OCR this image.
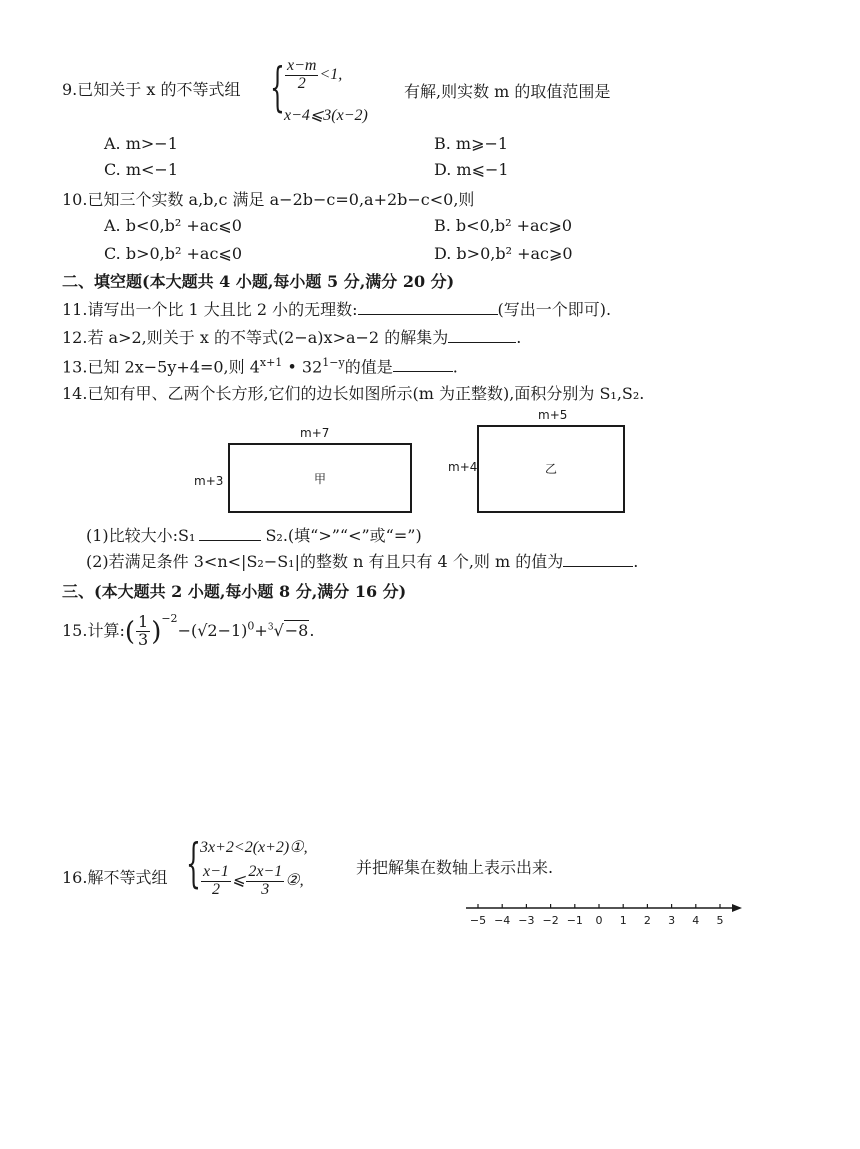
9.已知关于 x 的不等式组 { $\frac{x-m}{2} <1$,
x−4⩽3(x−2)
有解,则实数 m 的取值范围是
A. m>−1	B. m⩾−1
C. m<−1	D. m⩽−1
10.已知三个实数 a,b,c 满足 a−2b−c=0,a+2b−c<0,则
A. b<0,b² +ac⩽0	B. b<0,b² +ac⩾0
C. b>0,b² +ac⩽0	D. b>0,b² +ac⩾0
二、填空题(本大题共 4 小题,每小题 5 分,满分 20 分)
11.请写出一个比 1 大且比 2 小的无理数:	(写出一个即可).
12.若 a>2,则关于 x 的不等式(2−a)x>a−2 的解集为	.
13.已知 2x−5y+4=0,则 $4^{x+1}$ • $32^{1-y}$的值是	.
14.已知有甲、乙两个长方形,它们的边长如图所示(m 为正整数),面积分别为 S₁,S₂.
m+7
m+3	甲
m+5
m+4	乙
(1)比较大小:S₁	S₂.(填“>”“<”或“=”)
(2)若满足条件 3<n<|S₂−S₁|的整数 n 有且只有 4 个,则 m 的值为	.
三、(本大题共 2 小题,每小题 8 分,满分 16 分)
15.计算:( $\frac{1}{3} )^{-2}-(√2-1)^0+^3√-8$.
16.解不等式组 { 3x+2<2(x+2)①,
$\frac{x-1}{2}$ ⩽ $\frac{2x-1}{3}$ ②,
并把解集在数轴上表示出来.
−5 −4 −3 −2 −1 0 1 2 3 4 5
